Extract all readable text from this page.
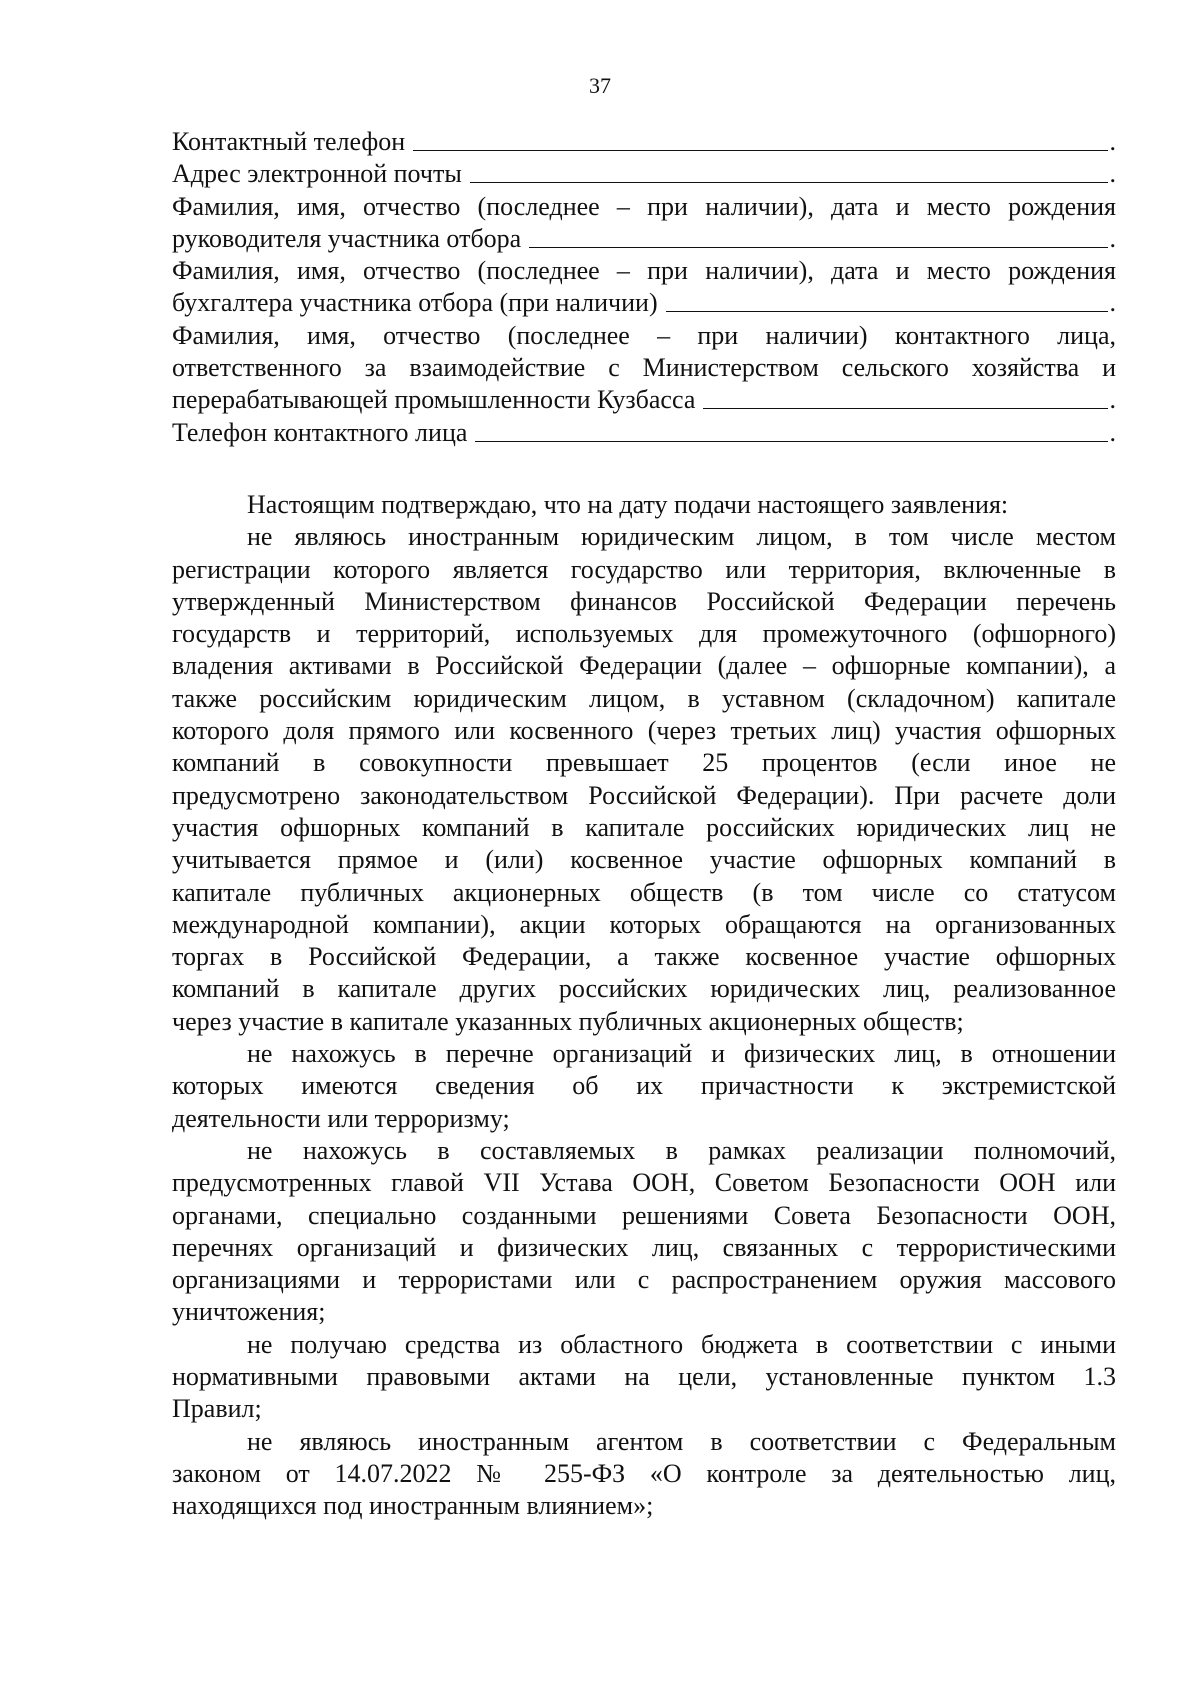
37
Контактный телефон	.
Адрес электронной почты	.
Фамилия, имя, отчество (последнее – при наличии), дата и место рождения
руководителя участника отбора	.
Фамилия, имя, отчество (последнее – при наличии), дата и место рождения
бухгалтера участника отбора (при наличии)	.
Фамилия, имя, отчество (последнее – при наличии) контактного лица,
ответственного за взаимодействие с Министерством сельского хозяйства и
перерабатывающей промышленности Кузбасса	.
Телефон контактного лица	.
Настоящим подтверждаю, что на дату подачи настоящего заявления:
не являюсь иностранным юридическим лицом, в том числе местом
регистрации которого является государство или территория, включенные в
утвержденный Министерством финансов Российской Федерации перечень
государств и территорий, используемых для промежуточного (офшорного)
владения активами в Российской Федерации (далее – офшорные компании), а
также российским юридическим лицом, в уставном (складочном) капитале
которого доля прямого или косвенного (через третьих лиц) участия офшорных
компаний в совокупности превышает 25 процентов (если иное не
предусмотрено законодательством Российской Федерации). При расчете доли
участия офшорных компаний в капитале российских юридических лиц не
учитывается прямое и (или) косвенное участие офшорных компаний в
капитале публичных акционерных обществ (в том числе со статусом
международной компании), акции которых обращаются на организованных
торгах в Российской Федерации, а также косвенное участие офшорных
компаний в капитале других российских юридических лиц, реализованное
через участие в капитале указанных публичных акционерных обществ;
не нахожусь в перечне организаций и физических лиц, в отношении
которых имеются сведения об их причастности к экстремистской
деятельности или терроризму;
не нахожусь в составляемых в рамках реализации полномочий,
предусмотренных главой VII Устава ООН, Советом Безопасности ООН или
органами, специально созданными решениями Совета Безопасности ООН,
перечнях организаций и физических лиц, связанных с террористическими
организациями и террористами или с распространением оружия массового
уничтожения;
не получаю средства из областного бюджета в соответствии с иными
нормативными правовыми актами на цели, установленные пунктом 1.3
Правил;
не являюсь иностранным агентом в соответствии с Федеральным
законом от 14.07.2022 № 255-ФЗ «О контроле за деятельностью лиц,
находящихся под иностранным влиянием»;
